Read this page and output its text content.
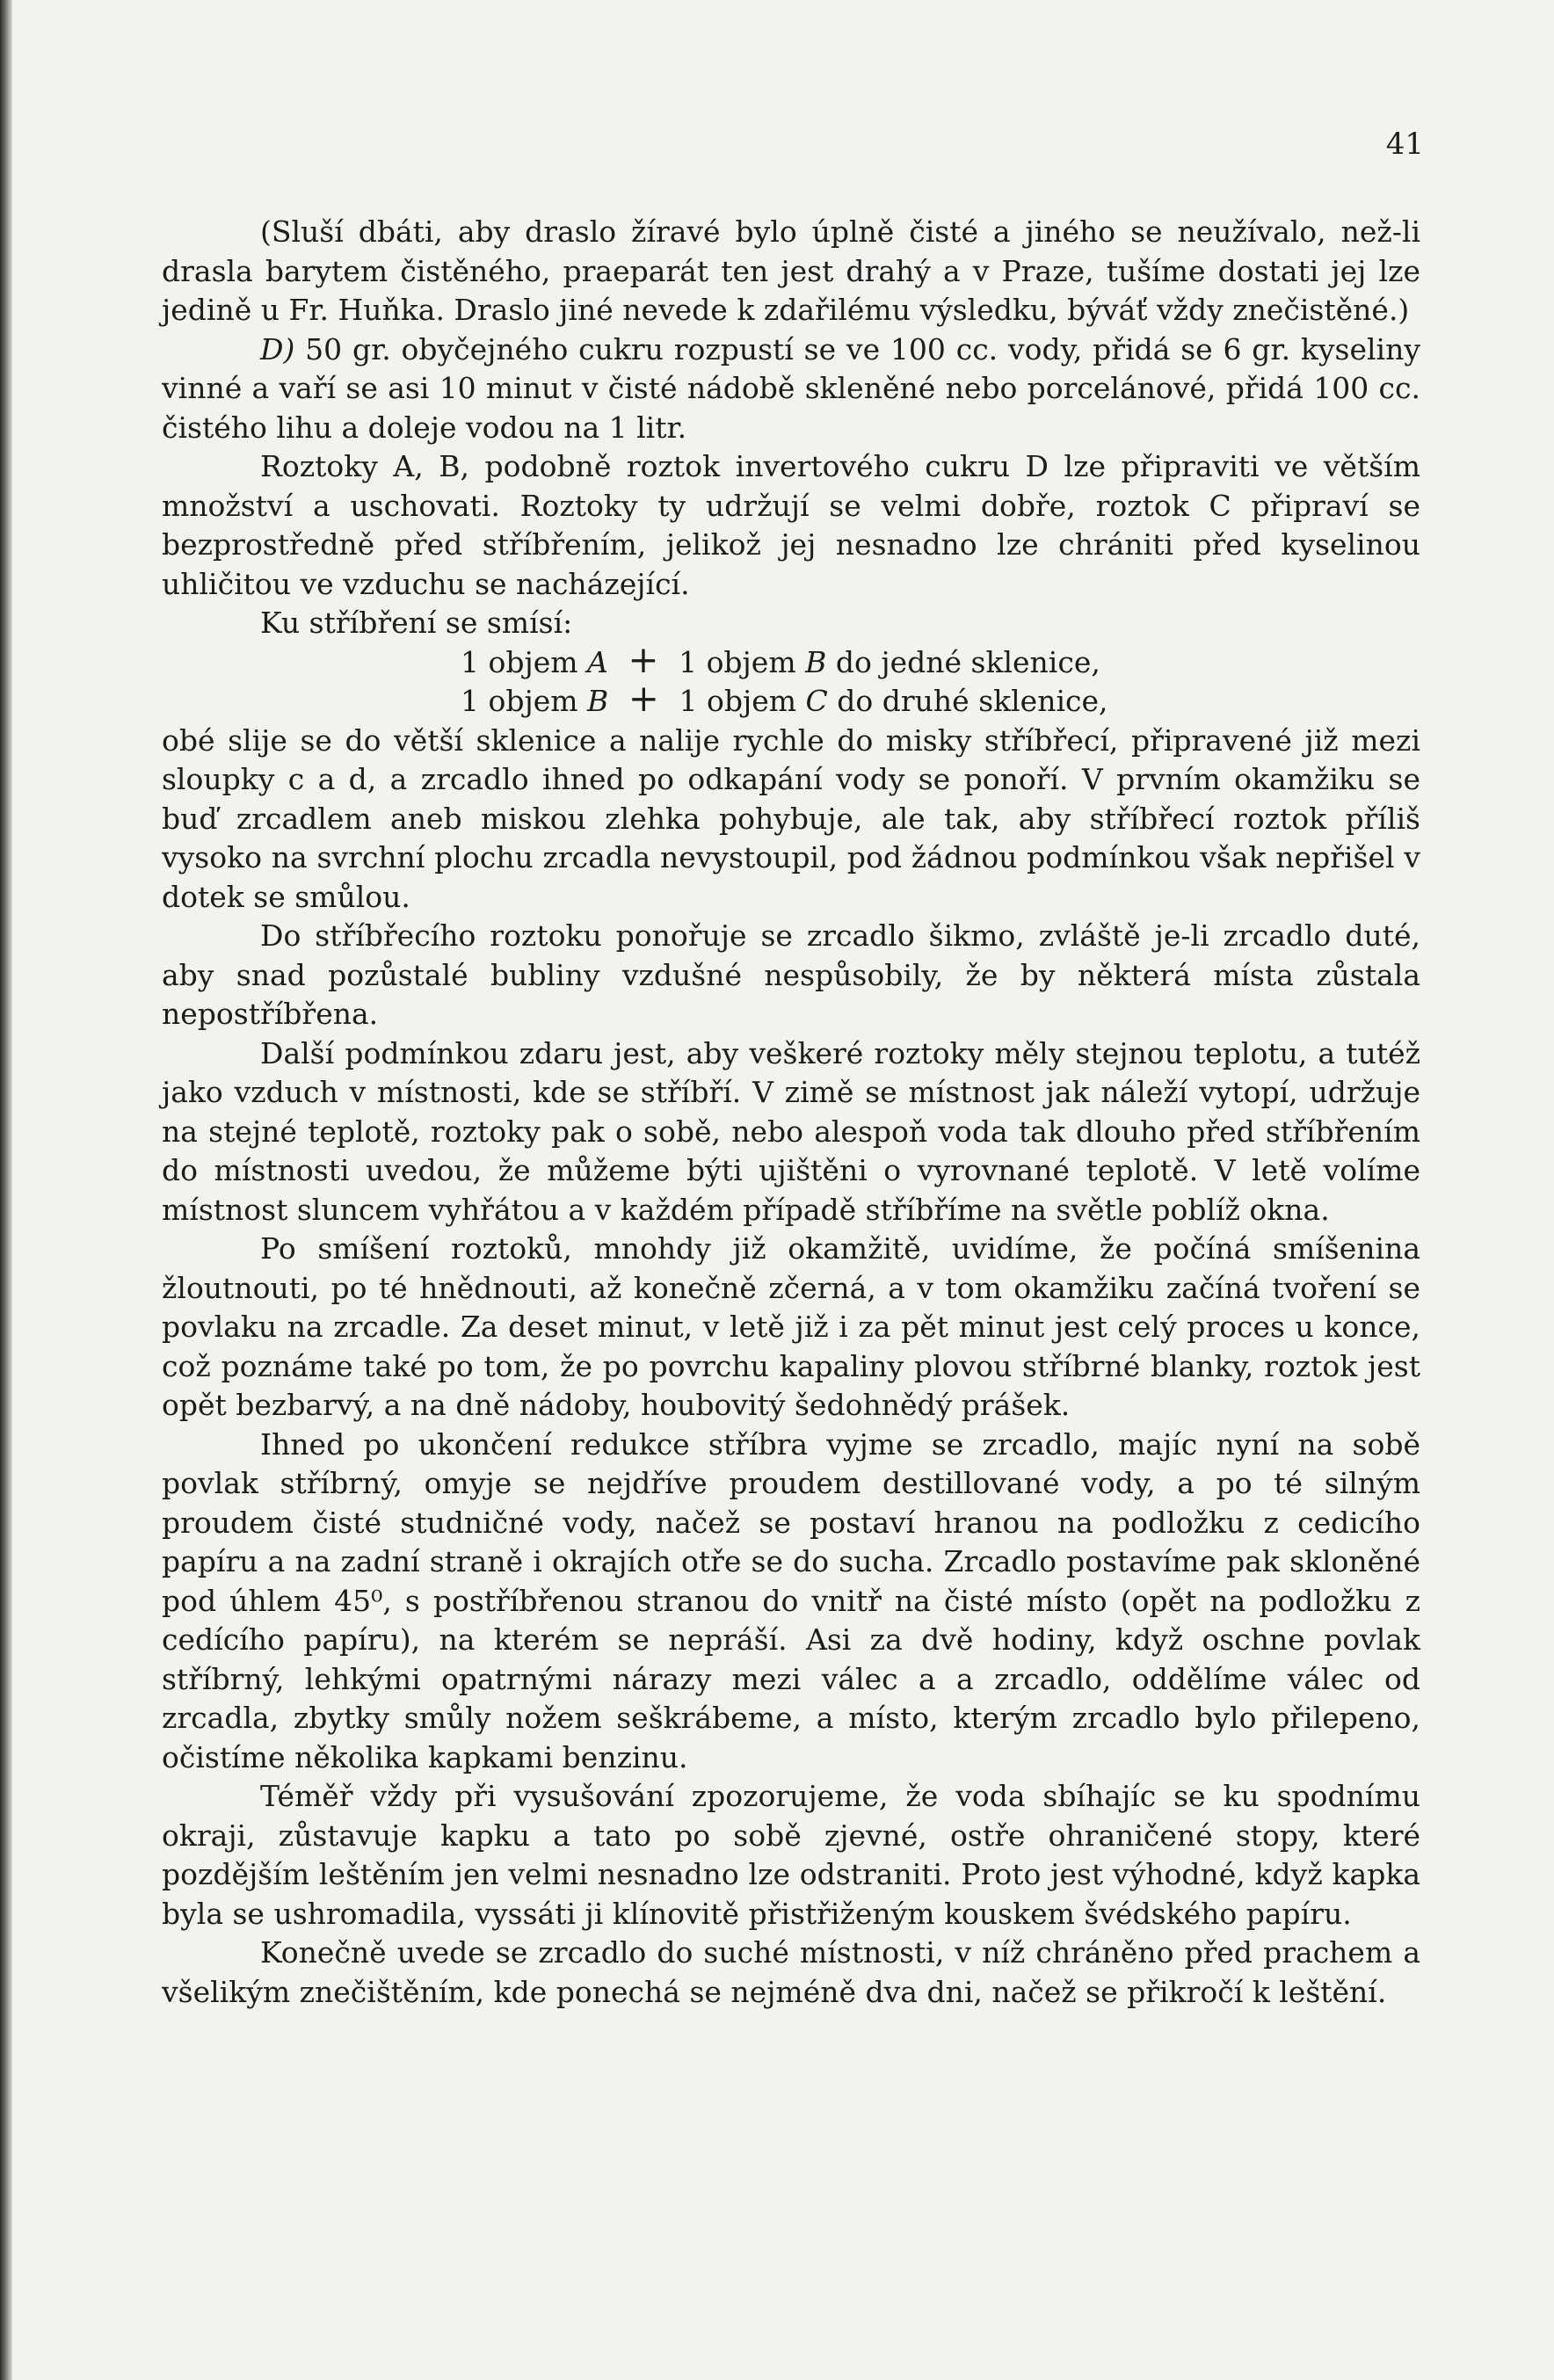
41

(Sluší dbáti, aby draslo žíravé bylo úplně čisté a jiného se neužívalo, než-li drasla barytem čistěného, praeparát ten jest drahý a v Praze, tušíme dostati jej lze jedině u Fr. Huňka. Draslo jiné nevede k zdařilému výsledku, býváť vždy znečistěné.)

D) 50 gr. obyčejného cukru rozpustí se ve 100 cc. vody, přidá se 6 gr. kyseliny vinné a vaří se asi 10 minut v čisté nádobě skleněné nebo porcelánové, přidá 100 cc. čistého lihu a doleje vodou na 1 litr.

Roztoky A, B, podobně roztok invertového cukru D lze připraviti ve větším množství a uschovati. Roztoky ty udržují se velmi dobře, roztok C připraví se bezprostředně před stříbřením, jelikož jej nesnadno lze chrániti před kyselinou uhličitou ve vzduchu se nacházející.

Ku stříbření se smísí:

1 objem A + 1 objem B do jedné sklenice,
1 objem B + 1 objem C do druhé sklenice,

obé slije se do větší sklenice a nalije rychle do misky stříbřecí, připravené již mezi sloupky c a d, a zrcadlo ihned po odkapání vody se ponoří. V prvním okamžiku se buď zrcadlem aneb miskou zlehka pohybuje, ale tak, aby stříbřecí roztok příliš vysoko na svrchní plochu zrcadla nevystoupil, pod žádnou podmínkou však nepřišel v dotek se smůlou.

Do stříbřecího roztoku ponořuje se zrcadlo šikmo, zvláště je-li zrcadlo duté, aby snad pozůstalé bubliny vzdušné nespůsobily, že by některá místa zůstala nepostříbřena.

Další podmínkou zdaru jest, aby veškeré roztoky měly stejnou teplotu, a tutéž jako vzduch v místnosti, kde se stříbří. V zimě se místnost jak náleží vytopí, udržuje na stejné teplotě, roztoky pak o sobě, nebo alespoň voda tak dlouho před stříbřením do místnosti uvedou, že můžeme býti ujištěni o vyrovnané teplotě. V letě volíme místnost sluncem vyhřátou a v každém případě stříbříme na světle poblíž okna.

Po smíšení roztoků, mnohdy již okamžitě, uvidíme, že počíná smíšenina žloutnouti, po té hnědnouti, až konečně zčerná, a v tom okamžiku začíná tvoření se povlaku na zrcadle. Za deset minut, v letě již i za pět minut jest celý proces u konce, což poznáme také po tom, že po povrchu kapaliny plovou stříbrné blanky, roztok jest opět bezbarvý, a na dně nádoby, houbovitý šedohnědý prášek.

Ihned po ukončení redukce stříbra vyjme se zrcadlo, majíc nyní na sobě povlak stříbrný, omyje se nejdříve proudem destillované vody, a po té silným proudem čisté studničné vody, načež se postaví hranou na podložku z cedicího papíru a na zadní straně i okrajích otře se do sucha. Zrcadlo postavíme pak skloněné pod úhlem 45⁰, s postříbřenou stranou do vnitř na čisté místo (opět na podložku z cedícího papíru), na kterém se nepráší. Asi za dvě hodiny, když oschne povlak stříbrný, lehkými opatrnými nárazy mezi válec a a zrcadlo, oddělíme válec od zrcadla, zbytky smůly nožem seškrábeme, a místo, kterým zrcadlo bylo přilepeno, očistíme několika kapkami benzinu.

Téměř vždy při vysušování zpozorujeme, že voda sbíhajíc se ku spodnímu okraji, zůstavuje kapku a tato po sobě zjevné, ostře ohraničené stopy, které pozdějším leštěním jen velmi nesnadno lze odstraniti. Proto jest výhodné, když kapka byla se ushromadila, vyssáti ji klínovitě přistřiženým kouskem švédského papíru.

Konečně uvede se zrcadlo do suché místnosti, v níž chráněno před prachem a všelikým znečištěním, kde ponechá se nejméně dva dni, načež se přikročí k leštění.
